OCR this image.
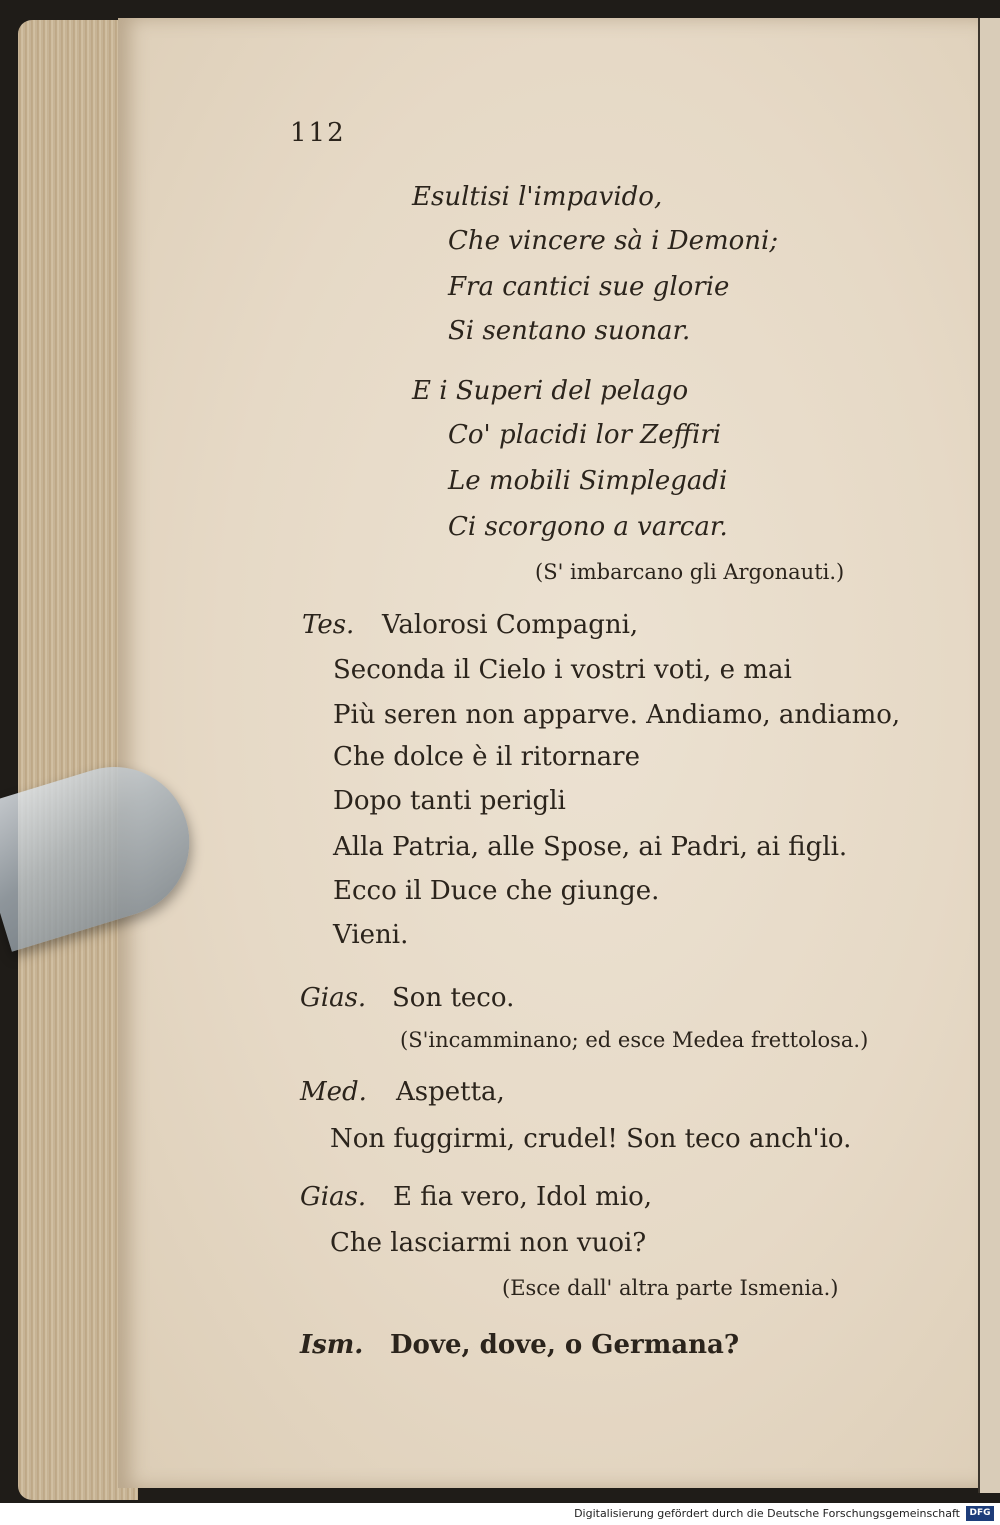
112
Esultisi l'impavido,
Che vincere sà i Demoni;
Fra cantici sue glorie
Si sentano suonar.
E i Superi del pelago
Co' placidi lor Zeffiri
Le mobili Simplegadi
Ci scorgono a varcar.
(S' imbarcano gli Argonauti.)
Tes. Valorosi Compagni,
Seconda il Cielo i vostri voti, e mai
Più seren non apparve. Andiamo, andiamo,
Che dolce è il ritornare
Dopo tanti perigli
Alla Patria, alle Spose, ai Padri, ai figli.
Ecco il Duce che giunge.
Vieni.
Gias. Son teco.
(S'incamminano; ed esce Medea frettolosa.)
Med. Aspetta,
Non fuggirmi, crudel! Son teco anch'io.
Gias. E fia vero, Idol mio,
Che lasciarmi non vuoi?
(Esce dall' altra parte Ismenia.)
Ism. Dove, dove, o Germana?
Digitalisierung gefördert durch die Deutsche Forschungsgemeinschaft	DFG
